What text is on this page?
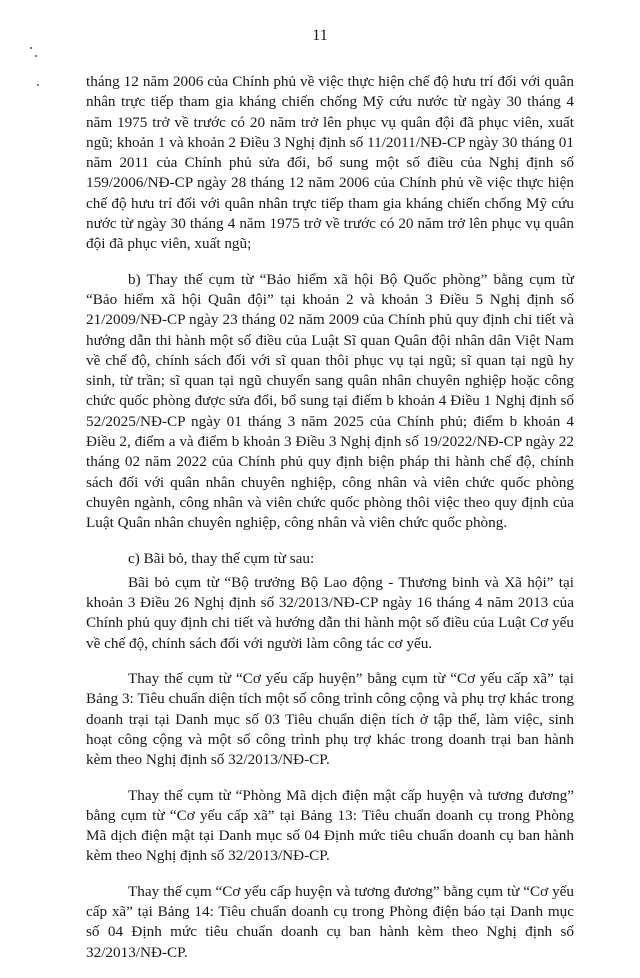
11

tháng 12 năm 2006 của Chính phủ về việc thực hiện chế độ hưu trí đối với quân nhân trực tiếp tham gia kháng chiến chống Mỹ cứu nước từ ngày 30 tháng 4 năm 1975 trở về trước có 20 năm trở lên phục vụ quân đội đã phục viên, xuất ngũ; khoản 1 và khoản 2 Điều 3 Nghị định số 11/2011/NĐ-CP ngày 30 tháng 01 năm 2011 của Chính phủ sửa đổi, bổ sung một số điều của Nghị định số 159/2006/NĐ-CP ngày 28 tháng 12 năm 2006 của Chính phủ về việc thực hiện chế độ hưu trí đối với quân nhân trực tiếp tham gia kháng chiến chống Mỹ cứu nước từ ngày 30 tháng 4 năm 1975 trở về trước có 20 năm trở lên phục vụ quân đội đã phục viên, xuất ngũ;

b) Thay thế cụm từ “Bảo hiểm xã hội Bộ Quốc phòng” bằng cụm từ “Bảo hiểm xã hội Quân đội” tại khoản 2 và khoản 3 Điều 5 Nghị định số 21/2009/NĐ-CP ngày 23 tháng 02 năm 2009 của Chính phủ quy định chi tiết và hướng dẫn thi hành một số điều của Luật Sĩ quan Quân đội nhân dân Việt Nam về chế độ, chính sách đối với sĩ quan thôi phục vụ tại ngũ; sĩ quan tại ngũ hy sinh, từ trần; sĩ quan tại ngũ chuyển sang quân nhân chuyên nghiệp hoặc công chức quốc phòng được sửa đổi, bổ sung tại điểm b khoản 4 Điều 1 Nghị định số 52/2025/NĐ-CP ngày 01 tháng 3 năm 2025 của Chính phủ; điểm b khoản 4 Điều 2, điểm a và điểm b khoản 3 Điều 3 Nghị định số 19/2022/NĐ-CP ngày 22 tháng 02 năm 2022 của Chính phủ quy định biện pháp thi hành chế độ, chính sách đối với quân nhân chuyên nghiệp, công nhân và viên chức quốc phòng chuyên ngành, công nhân và viên chức quốc phòng thôi việc theo quy định của Luật Quân nhân chuyên nghiệp, công nhân và viên chức quốc phòng.

c) Bãi bỏ, thay thế cụm từ sau:

Bãi bỏ cụm từ “Bộ trưởng Bộ Lao động - Thương binh và Xã hội” tại khoản 3 Điều 26 Nghị định số 32/2013/NĐ-CP ngày 16 tháng 4 năm 2013 của Chính phủ quy định chi tiết và hướng dẫn thi hành một số điều của Luật Cơ yếu về chế độ, chính sách đối với người làm công tác cơ yếu.

Thay thế cụm từ “Cơ yếu cấp huyện” bằng cụm từ “Cơ yếu cấp xã” tại Bảng 3: Tiêu chuẩn diện tích một số công trình công cộng và phụ trợ khác trong doanh trại tại Danh mục số 03 Tiêu chuẩn diện tích ở tập thể, làm việc, sinh hoạt công cộng và một số công trình phụ trợ khác trong doanh trại ban hành kèm theo Nghị định số 32/2013/NĐ-CP.

Thay thế cụm từ “Phòng Mã dịch điện mật cấp huyện và tương đương” bằng cụm từ “Cơ yếu cấp xã” tại Bảng 13: Tiêu chuẩn doanh cụ trong Phòng Mã dịch điện mật tại Danh mục số 04 Định mức tiêu chuẩn doanh cụ ban hành kèm theo Nghị định số 32/2013/NĐ-CP.

Thay thế cụm “Cơ yếu cấp huyện và tương đương” bằng cụm từ “Cơ yếu cấp xã” tại Bảng 14: Tiêu chuẩn doanh cụ trong Phòng điện báo tại Danh mục số 04 Định mức tiêu chuẩn doanh cụ ban hành kèm theo Nghị định số 32/2013/NĐ-CP.
